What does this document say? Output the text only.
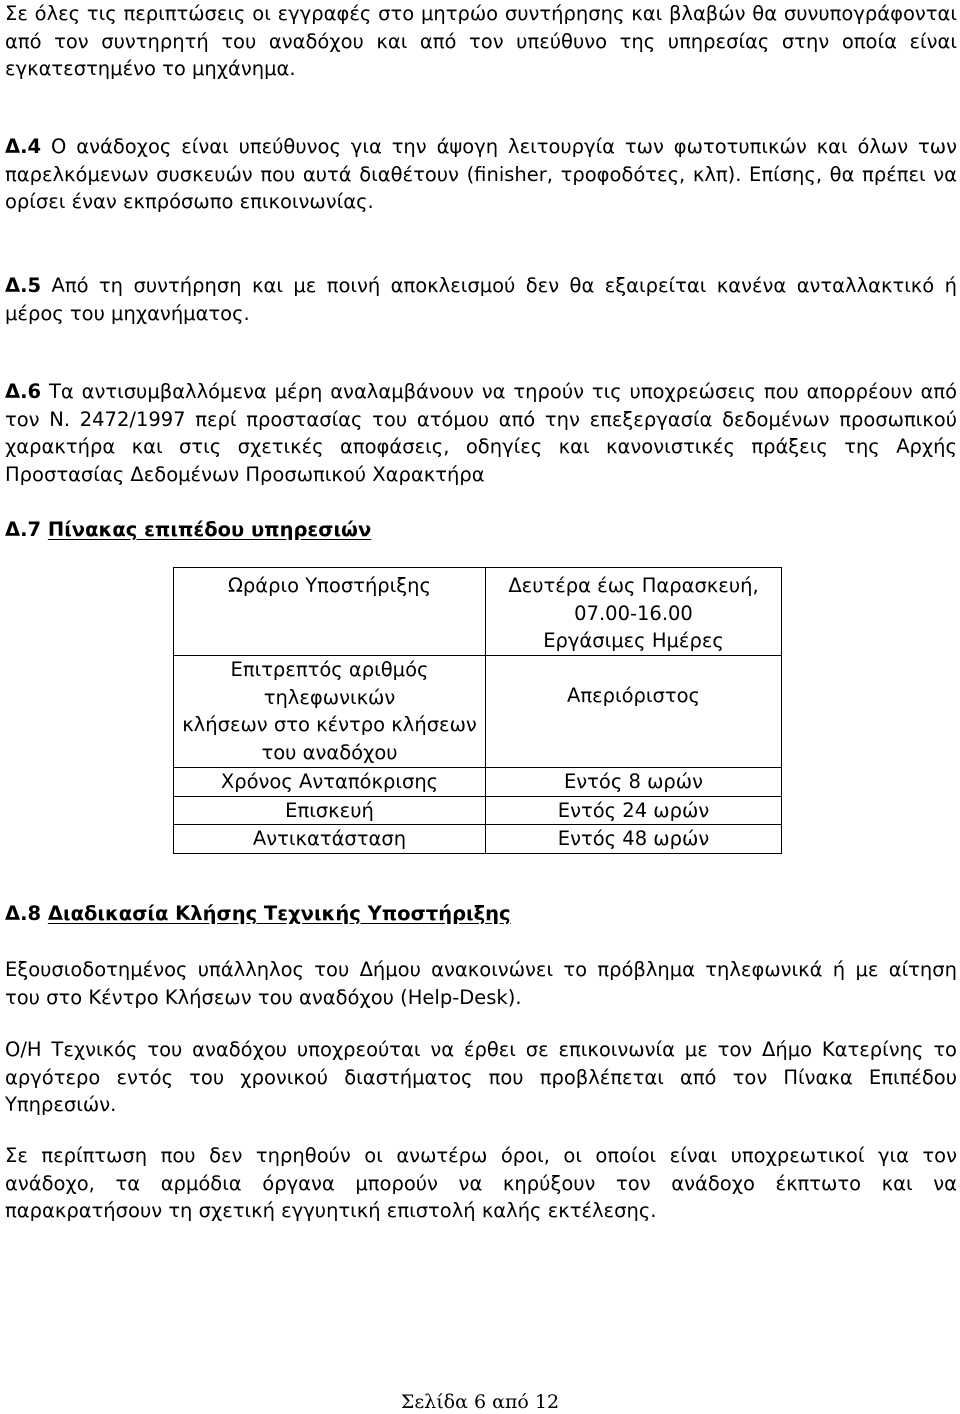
Σε όλες τις περιπτώσεις οι εγγραφές στο μητρώο συντήρησης και βλαβών θα συνυπογράφονται από τον συντηρητή του αναδόχου και από τον υπεύθυνο της υπηρεσίας στην οποία είναι εγκατεστημένο το μηχάνημα.

Δ.4 Ο ανάδοχος είναι υπεύθυνος για την άψογη λειτουργία των φωτοτυπικών και όλων των παρελκόμενων συσκευών που αυτά διαθέτουν (finisher, τροφοδότες, κλπ). Επίσης, θα πρέπει να ορίσει έναν εκπρόσωπο επικοινωνίας.

Δ.5 Από τη συντήρηση και με ποινή αποκλεισμού δεν θα εξαιρείται κανένα ανταλλακτικό ή μέρος του μηχανήματος.

Δ.6 Τα αντισυμβαλλόμενα μέρη αναλαμβάνουν να τηρούν τις υποχρεώσεις που απορρέουν από τον Ν. 2472/1997 περί προστασίας του ατόμου από την επεξεργασία δεδομένων προσωπικού χαρακτήρα και στις σχετικές αποφάσεις, οδηγίες και κανονιστικές πράξεις της Αρχής Προστασίας Δεδομένων Προσωπικού Χαρακτήρα

Δ.7 Πίνακας επιπέδου υπηρεσιών

Ωράριο Υποστήριξης	Δευτέρα έως Παρασκευή,
07.00-16.00
Εργάσιμες Ημέρες

Επιτρεπτός αριθμός
τηλεφωνικών
κλήσεων στο κέντρο κλήσεων
του αναδόχου	Απεριόριστος

Χρόνος Ανταπόκρισης	Εντός 8 ωρών

Επισκευή	Εντός 24 ωρών

Αντικατάσταση	Εντός 48 ωρών

Δ.8 Διαδικασία Κλήσης Τεχνικής Υποστήριξης

Εξουσιοδοτημένος υπάλληλος του Δήμου ανακοινώνει το πρόβλημα τηλεφωνικά ή με αίτηση του στο Κέντρο Κλήσεων του αναδόχου (Help-Desk).

Ο/Η Τεχνικός του αναδόχου υποχρεούται να έρθει σε επικοινωνία με τον Δήμο Κατερίνης το αργότερο εντός του χρονικού διαστήματος που προβλέπεται από τον Πίνακα Επιπέδου Υπηρεσιών.

Σε περίπτωση που δεν τηρηθούν οι ανωτέρω όροι, οι οποίοι είναι υποχρεωτικοί για τον ανάδοχο, τα αρμόδια όργανα μπορούν να κηρύξουν τον ανάδοχο έκπτωτο και να παρακρατήσουν τη σχετική εγγυητική επιστολή καλής εκτέλεσης.

Σελίδα 6 από 12
